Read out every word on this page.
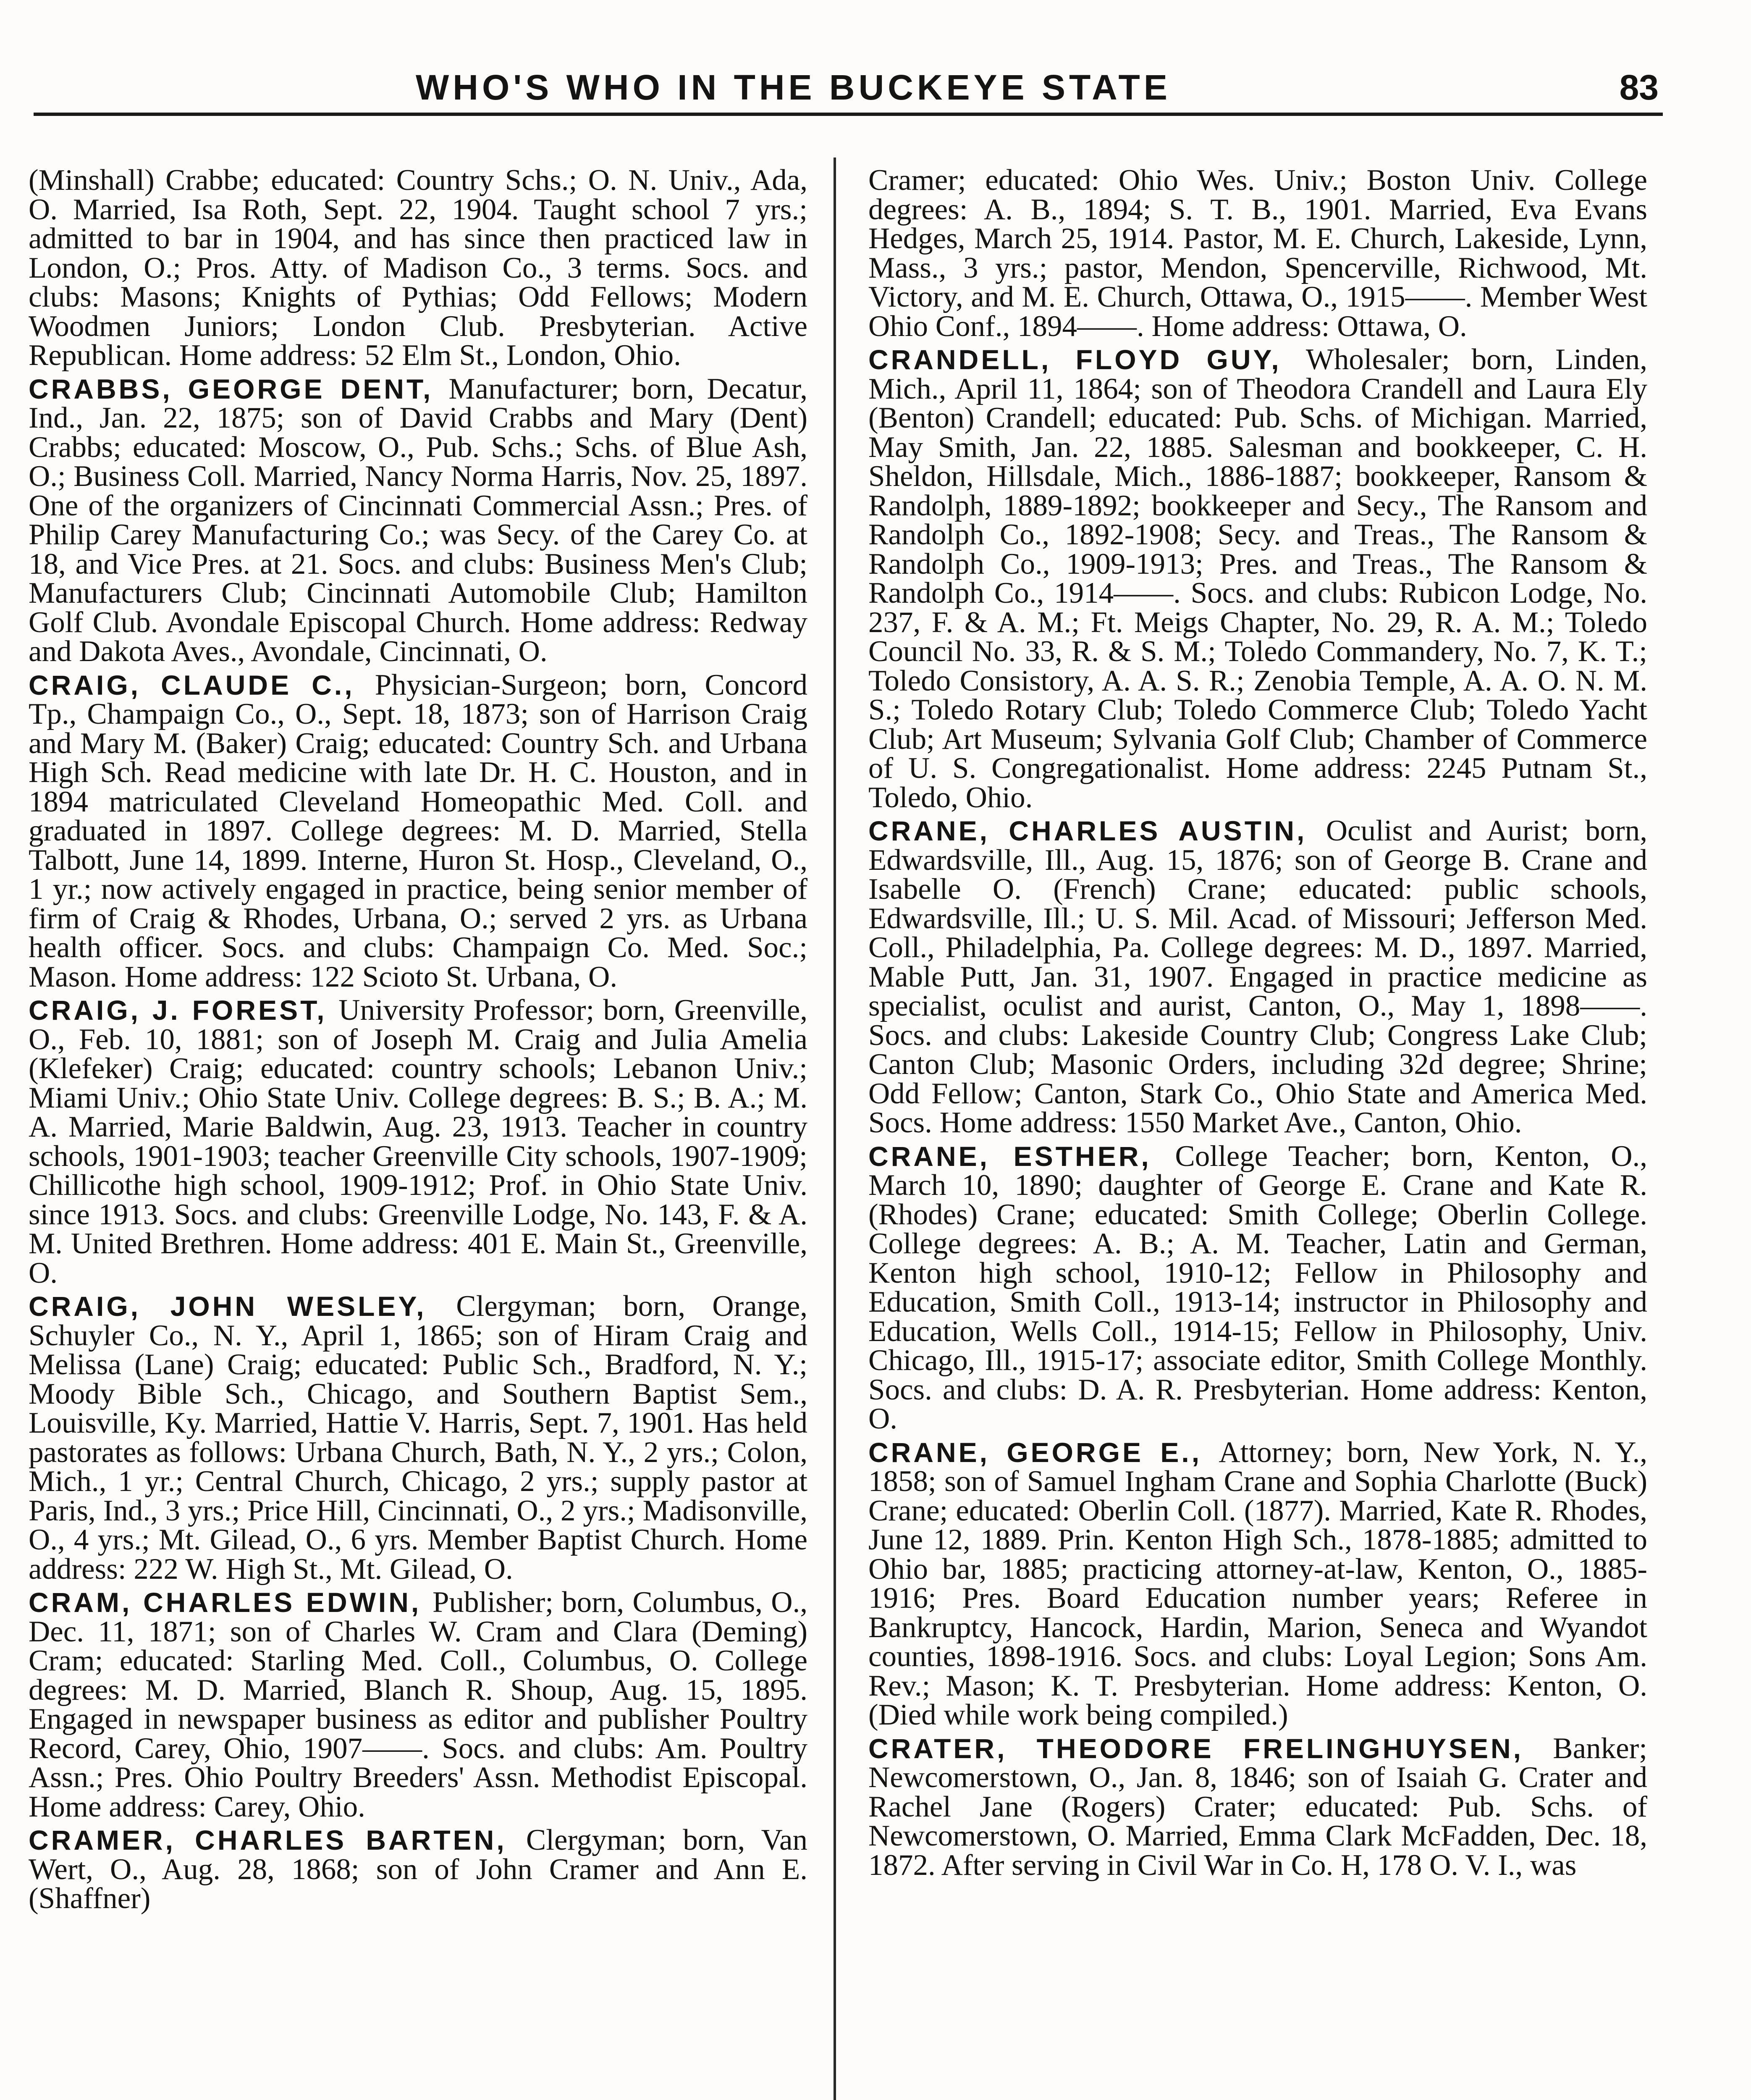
WHO'S WHO IN THE BUCKEYE STATE	83

(Minshall) Crabbe; educated: Country Schs.; O. N. Univ., Ada, O. Married, Isa Roth, Sept. 22, 1904. Taught school 7 yrs.; admitted to bar in 1904, and has since then practiced law in London, O.; Pros. Atty. of Madison Co., 3 terms. Socs. and clubs: Masons; Knights of Pythias; Odd Fellows; Modern Woodmen Juniors; London Club. Presbyterian. Active Republican. Home address: 52 Elm St., London, Ohio.

CRABBS, GEORGE DENT, Manufacturer; born, Decatur, Ind., Jan. 22, 1875; son of David Crabbs and Mary (Dent) Crabbs; educated: Moscow, O., Pub. Schs.; Schs. of Blue Ash, O.; Business Coll. Married, Nancy Norma Harris, Nov. 25, 1897. One of the organizers of Cincinnati Commercial Assn.; Pres. of Philip Carey Manufacturing Co.; was Secy. of the Carey Co. at 18, and Vice Pres. at 21. Socs. and clubs: Business Men's Club; Manufacturers Club; Cincinnati Automobile Club; Hamilton Golf Club. Avondale Episcopal Church. Home address: Redway and Dakota Aves., Avondale, Cincinnati, O.

CRAIG, CLAUDE C., Physician-Surgeon; born, Concord Tp., Champaign Co., O., Sept. 18, 1873; son of Harrison Craig and Mary M. (Baker) Craig; educated: Country Sch. and Urbana High Sch. Read medicine with late Dr. H. C. Houston, and in 1894 matriculated Cleveland Homeopathic Med. Coll. and graduated in 1897. College degrees: M. D. Married, Stella Talbott, June 14, 1899. Interne, Huron St. Hosp., Cleveland, O., 1 yr.; now actively engaged in practice, being senior member of firm of Craig & Rhodes, Urbana, O.; served 2 yrs. as Urbana health officer. Socs. and clubs: Champaign Co. Med. Soc.; Mason. Home address: 122 Scioto St. Urbana, O.

CRAIG, J. FOREST, University Professor; born, Greenville, O., Feb. 10, 1881; son of Joseph M. Craig and Julia Amelia (Klefeker) Craig; educated: country schools; Lebanon Univ.; Miami Univ.; Ohio State Univ. College degrees: B. S.; B. A.; M. A. Married, Marie Baldwin, Aug. 23, 1913. Teacher in country schools, 1901-1903; teacher Greenville City schools, 1907-1909; Chillicothe high school, 1909-1912; Prof. in Ohio State Univ. since 1913. Socs. and clubs: Greenville Lodge, No. 143, F. & A. M. United Brethren. Home address: 401 E. Main St., Greenville, O.

CRAIG, JOHN WESLEY, Clergyman; born, Orange, Schuyler Co., N. Y., April 1, 1865; son of Hiram Craig and Melissa (Lane) Craig; educated: Public Sch., Bradford, N. Y.; Moody Bible Sch., Chicago, and Southern Baptist Sem., Louisville, Ky. Married, Hattie V. Harris, Sept. 7, 1901. Has held pastorates as follows: Urbana Church, Bath, N. Y., 2 yrs.; Colon, Mich., 1 yr.; Central Church, Chicago, 2 yrs.; supply pastor at Paris, Ind., 3 yrs.; Price Hill, Cincinnati, O., 2 yrs.; Madisonville, O., 4 yrs.; Mt. Gilead, O., 6 yrs. Member Baptist Church. Home address: 222 W. High St., Mt. Gilead, O.

CRAM, CHARLES EDWIN, Publisher; born, Columbus, O., Dec. 11, 1871; son of Charles W. Cram and Clara (Deming) Cram; educated: Starling Med. Coll., Columbus, O. College degrees: M. D. Married, Blanch R. Shoup, Aug. 15, 1895. Engaged in newspaper business as editor and publisher Poultry Record, Carey, Ohio, 1907——. Socs. and clubs: Am. Poultry Assn.; Pres. Ohio Poultry Breeders' Assn. Methodist Episcopal. Home address: Carey, Ohio.

CRAMER, CHARLES BARTEN, Clergyman; born, Van Wert, O., Aug. 28, 1868; son of John Cramer and Ann E. (Shaffner)

Cramer; educated: Ohio Wes. Univ.; Boston Univ. College degrees: A. B., 1894; S. T. B., 1901. Married, Eva Evans Hedges, March 25, 1914. Pastor, M. E. Church, Lakeside, Lynn, Mass., 3 yrs.; pastor, Mendon, Spencerville, Richwood, Mt. Victory, and M. E. Church, Ottawa, O., 1915——. Member West Ohio Conf., 1894——. Home address: Ottawa, O.

CRANDELL, FLOYD GUY, Wholesaler; born, Linden, Mich., April 11, 1864; son of Theodora Crandell and Laura Ely (Benton) Crandell; educated: Pub. Schs. of Michigan. Married, May Smith, Jan. 22, 1885. Salesman and bookkeeper, C. H. Sheldon, Hillsdale, Mich., 1886-1887; bookkeeper, Ransom & Randolph, 1889-1892; bookkeeper and Secy., The Ransom and Randolph Co., 1892-1908; Secy. and Treas., The Ransom & Randolph Co., 1909-1913; Pres. and Treas., The Ransom & Randolph Co., 1914——. Socs. and clubs: Rubicon Lodge, No. 237, F. & A. M.; Ft. Meigs Chapter, No. 29, R. A. M.; Toledo Council No. 33, R. & S. M.; Toledo Commandery, No. 7, K. T.; Toledo Consistory, A. A. S. R.; Zenobia Temple, A. A. O. N. M. S.; Toledo Rotary Club; Toledo Commerce Club; Toledo Yacht Club; Art Museum; Sylvania Golf Club; Chamber of Commerce of U. S. Congregationalist. Home address: 2245 Putnam St., Toledo, Ohio.

CRANE, CHARLES AUSTIN, Oculist and Aurist; born, Edwardsville, Ill., Aug. 15, 1876; son of George B. Crane and Isabelle O. (French) Crane; educated: public schools, Edwardsville, Ill.; U. S. Mil. Acad. of Missouri; Jefferson Med. Coll., Philadelphia, Pa. College degrees: M. D., 1897. Married, Mable Putt, Jan. 31, 1907. Engaged in practice medicine as specialist, oculist and aurist, Canton, O., May 1, 1898——. Socs. and clubs: Lakeside Country Club; Congress Lake Club; Canton Club; Masonic Orders, including 32d degree; Shrine; Odd Fellow; Canton, Stark Co., Ohio State and America Med. Socs. Home address: 1550 Market Ave., Canton, Ohio.

CRANE, ESTHER, College Teacher; born, Kenton, O., March 10, 1890; daughter of George E. Crane and Kate R. (Rhodes) Crane; educated: Smith College; Oberlin College. College degrees: A. B.; A. M. Teacher, Latin and German, Kenton high school, 1910-12; Fellow in Philosophy and Education, Smith Coll., 1913-14; instructor in Philosophy and Education, Wells Coll., 1914-15; Fellow in Philosophy, Univ. Chicago, Ill., 1915-17; associate editor, Smith College Monthly. Socs. and clubs: D. A. R. Presbyterian. Home address: Kenton, O.

CRANE, GEORGE E., Attorney; born, New York, N. Y., 1858; son of Samuel Ingham Crane and Sophia Charlotte (Buck) Crane; educated: Oberlin Coll. (1877). Married, Kate R. Rhodes, June 12, 1889. Prin. Kenton High Sch., 1878-1885; admitted to Ohio bar, 1885; practicing attorney-at-law, Kenton, O., 1885-1916; Pres. Board Education number years; Referee in Bankruptcy, Hancock, Hardin, Marion, Seneca and Wyandot counties, 1898-1916. Socs. and clubs: Loyal Legion; Sons Am. Rev.; Mason; K. T. Presbyterian. Home address: Kenton, O. (Died while work being compiled.)

CRATER, THEODORE FRELINGHUYSEN, Banker; Newcomerstown, O., Jan. 8, 1846; son of Isaiah G. Crater and Rachel Jane (Rogers) Crater; educated: Pub. Schs. of Newcomerstown, O. Married, Emma Clark McFadden, Dec. 18, 1872. After serving in Civil War in Co. H, 178 O. V. I., was
